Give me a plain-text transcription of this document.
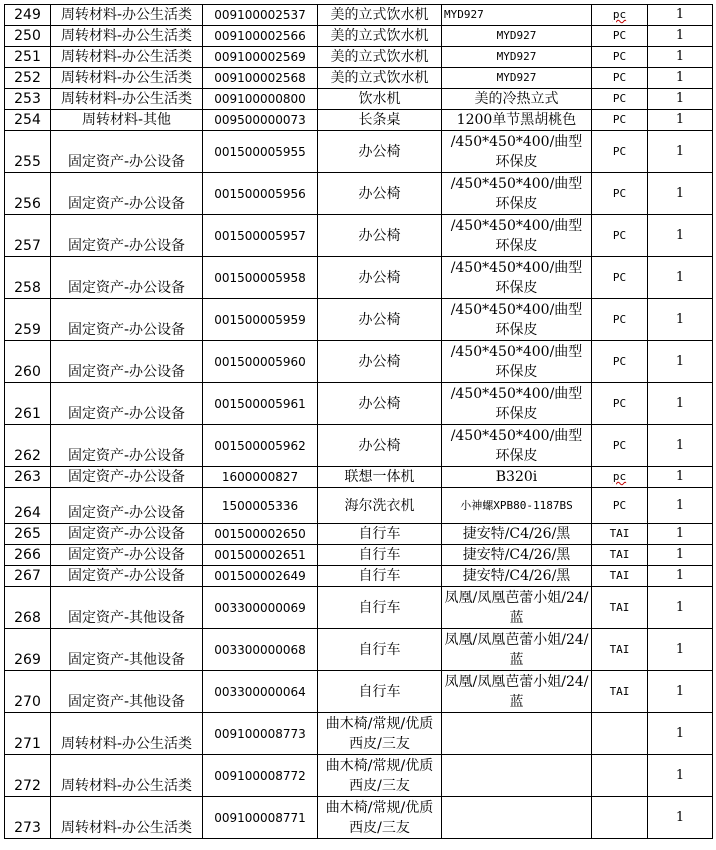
249	周转材料-办公生活类	009100002537	美的立式饮水机	MYD927	pc	1
250	周转材料-办公生活类	009100002566	美的立式饮水机	MYD927	PC	1
251	周转材料-办公生活类	009100002569	美的立式饮水机	MYD927	PC	1
252	周转材料-办公生活类	009100002568	美的立式饮水机	MYD927	PC	1
253	周转材料-办公生活类	009100000800	饮水机	美的冷热立式	PC	1
254	周转材料-其他	009500000073	长条桌	1200单节黑胡桃色	PC	1
255	固定资产-办公设备	001500005955	办公椅	/450*450*400/曲型环保皮	PC	1
256	固定资产-办公设备	001500005956	办公椅	/450*450*400/曲型环保皮	PC	1
257	固定资产-办公设备	001500005957	办公椅	/450*450*400/曲型环保皮	PC	1
258	固定资产-办公设备	001500005958	办公椅	/450*450*400/曲型环保皮	PC	1
259	固定资产-办公设备	001500005959	办公椅	/450*450*400/曲型环保皮	PC	1
260	固定资产-办公设备	001500005960	办公椅	/450*450*400/曲型环保皮	PC	1
261	固定资产-办公设备	001500005961	办公椅	/450*450*400/曲型环保皮	PC	1
262	固定资产-办公设备	001500005962	办公椅	/450*450*400/曲型环保皮	PC	1
263	固定资产-办公设备	1600000827	联想一体机	B320i	pc	1
264	固定资产-办公设备	1500005336	海尔洗衣机	小神螺XPB80-1187BS	PC	1
265	固定资产-办公设备	001500002650	自行车	捷安特/C4/26/黑	TAI	1
266	固定资产-办公设备	001500002651	自行车	捷安特/C4/26/黑	TAI	1
267	固定资产-办公设备	001500002649	自行车	捷安特/C4/26/黑	TAI	1
268	固定资产-其他设备	003300000069	自行车	凤凰/凤凰芭蕾小姐/24/蓝	TAI	1
269	固定资产-其他设备	003300000068	自行车	凤凰/凤凰芭蕾小姐/24/蓝	TAI	1
270	固定资产-其他设备	003300000064	自行车	凤凰/凤凰芭蕾小姐/24/蓝	TAI	1
271	周转材料-办公生活类	009100008773	曲木椅/常规/优质西皮/三友			1
272	周转材料-办公生活类	009100008772	曲木椅/常规/优质西皮/三友			1
273	周转材料-办公生活类	009100008771	曲木椅/常规/优质西皮/三友			1
